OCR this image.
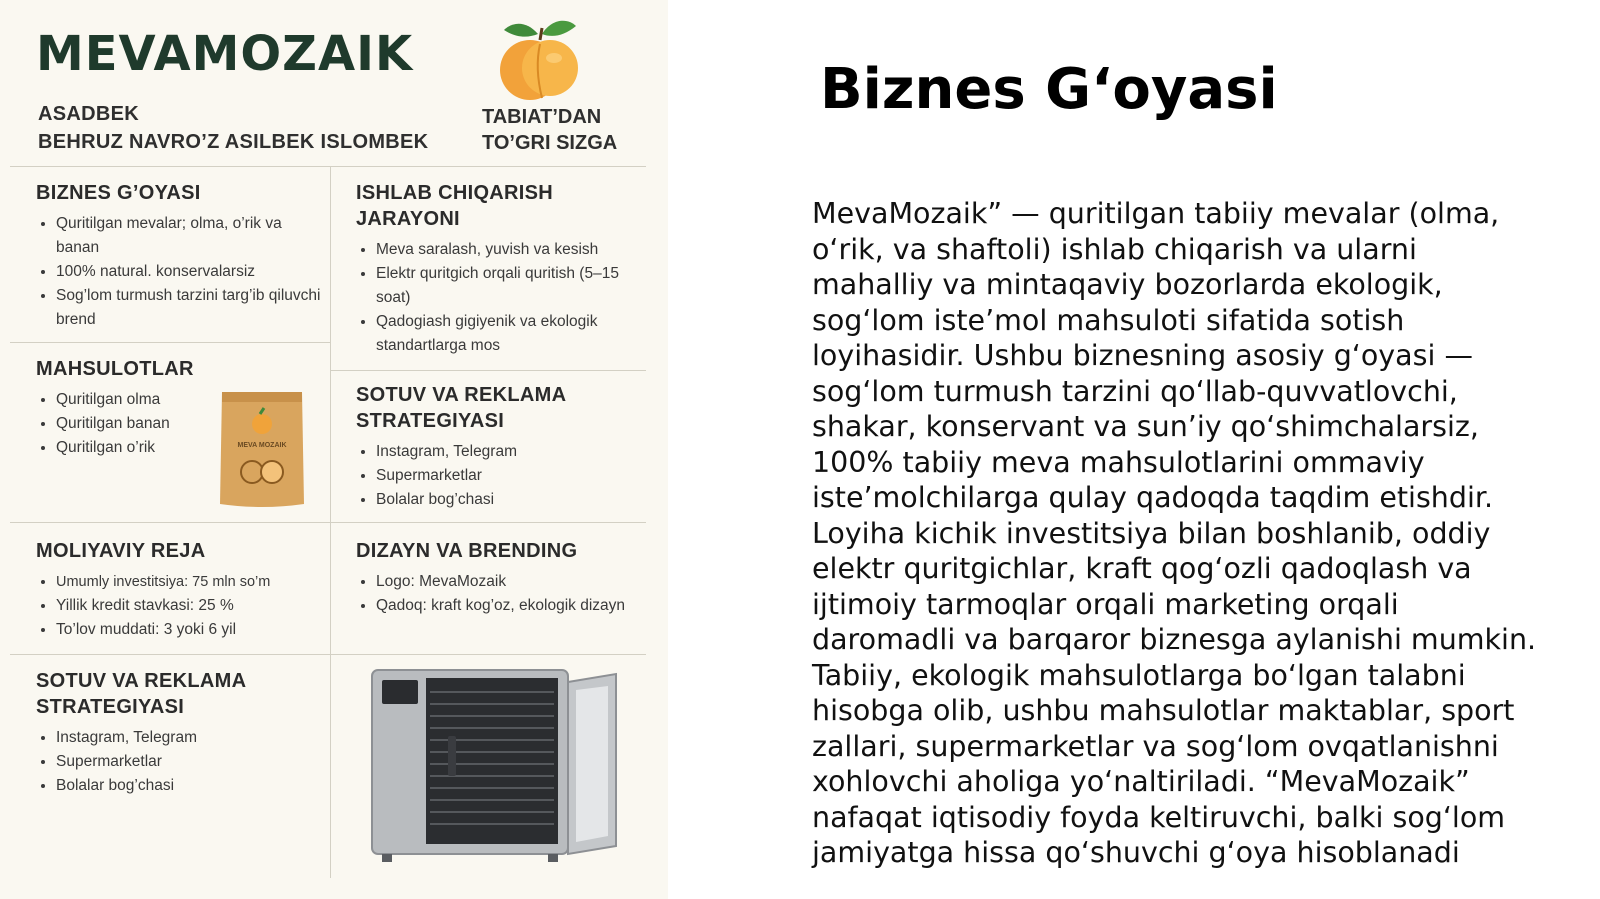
MEVAMOZAIK
ASADBEK
BEHRUZ NAVRO’Z ASILBEK ISLOMBEK
TABIAT’DAN
TO’GRI SIZGA
BIZNES G’OYASI
• Quritilgan mevalar; olma, o’rik va banan
• 100% natural. konservalarsiz
• Sog’lom turmush tarzini targ’ib qiluvchi brend
ISHLAB CHIQARISH JARAYONI
• Meva saralash, yuvish va kesish
• Elektr quritgich orqali quritish (5–15 soat)
• Qadogiash gigiyenik va ekologik standartlarga mos
MAHSULOTLAR
• Quritilgan olma
• Quritilgan banan
• Quritilgan o’rik	MEVA MOZAIK
SOTUV VA REKLAMA STRATEGIYASI
• Instagram, Telegram
• Supermarketlar
• Bolalar bog’chasi
MOLIYAVIY REJA
• Umumly investitsiya: 75 mln so’m
• Yillik kredit stavkasi: 25 %
• To’lov muddati: 3 yoki 6 yil
DIZAYN VA BRENDING
• Logo: MevaMozaik
• Qadoq: kraft kog’oz, ekologik dizayn
SOTUV VA REKLAMA STRATEGIYASI
• Instagram, Telegram
• Supermarketlar
• Bolalar bog’chasi
Biznes G‘oyasi

MevaMozaik” — quritilgan tabiiy mevalar (olma, o‘rik, va shaftoli) ishlab chiqarish va ularni mahalliy va mintaqaviy bozorlarda ekologik, sog‘lom iste’mol mahsuloti sifatida sotish loyihasidir. Ushbu biznesning asosiy g‘oyasi — sog‘lom turmush tarzini qo‘llab-quvvatlovchi, shakar, konservant va sun’iy qo‘shimchalarsiz, 100% tabiiy meva mahsulotlarini ommaviy iste’molchilarga qulay qadoqda taqdim etishdir. Loyiha kichik investitsiya bilan boshlanib, oddiy elektr quritgichlar, kraft qog‘ozli qadoqlash va ijtimoiy tarmoqlar orqali marketing orqali daromadli va barqaror biznesga aylanishi mumkin. Tabiiy, ekologik mahsulotlarga bo‘lgan talabni hisobga olib, ushbu mahsulotlar maktablar, sport zallari, supermarketlar va sog‘lom ovqatlanishni xohlovchi aholiga yo‘naltiriladi. “MevaMozaik” nafaqat iqtisodiy foyda keltiruvchi, balki sog‘lom jamiyatga hissa qo‘shuvchi g‘oya hisoblanadi
